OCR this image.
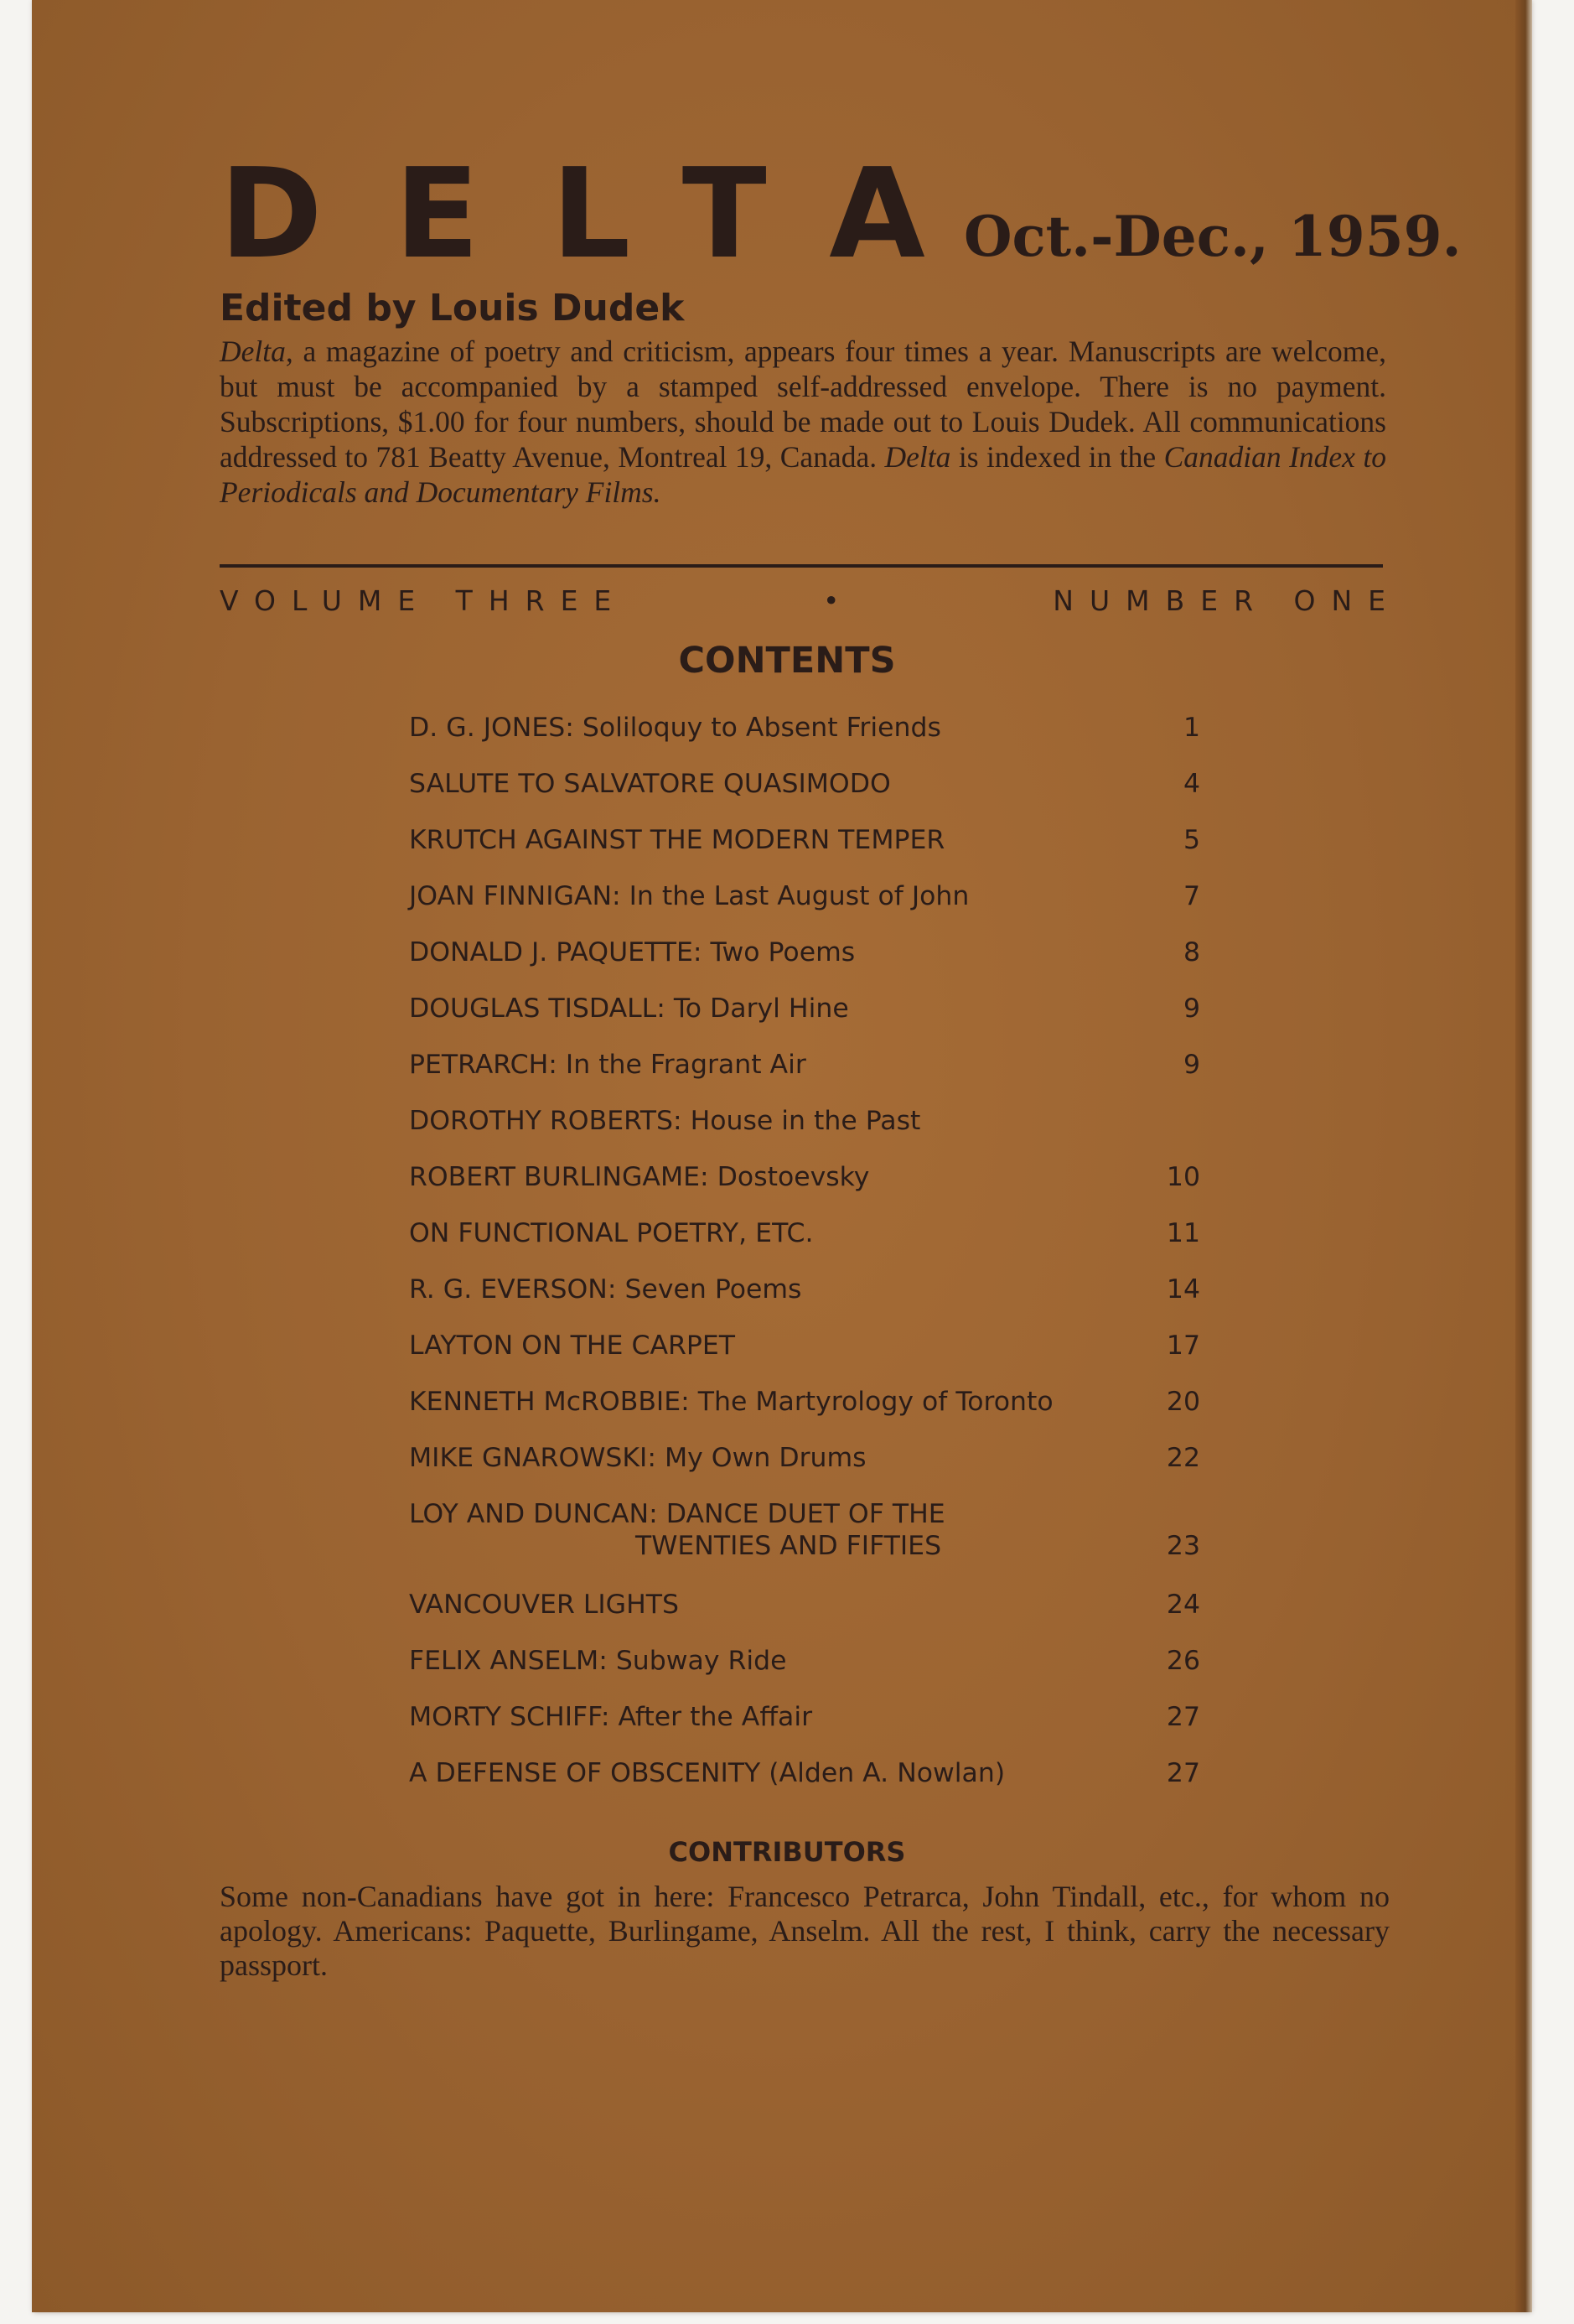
DELTA
Oct.-Dec., 1959.
Edited by Louis Dudek
Delta, a magazine of poetry and criticism, appears four times a year. Manuscripts are welcome, but must be accompanied by a stamped self-addressed envelope. There is no payment. Subscriptions, $1.00 for four numbers, should be made out to Louis Dudek. All communications addressed to 781 Beatty Avenue, Montreal 19, Canada. Delta is indexed in the Canadian Index to Periodicals and Documentary Films.
VOLUME THREE	•	NUMBER ONE
CONTENTS
D. G. JONES: Soliloquy to Absent Friends	1
SALUTE TO SALVATORE QUASIMODO	4
KRUTCH AGAINST THE MODERN TEMPER	5
JOAN FINNIGAN: In the Last August of John	7
DONALD J. PAQUETTE: Two Poems	8
DOUGLAS TISDALL: To Daryl Hine	9
PETRARCH: In the Fragrant Air	9
DOROTHY ROBERTS: House in the Past
ROBERT BURLINGAME: Dostoevsky	10
ON FUNCTIONAL POETRY, ETC.	11
R. G. EVERSON: Seven Poems	14
LAYTON ON THE CARPET	17
KENNETH McROBBIE: The Martyrology of Toronto	20
MIKE GNAROWSKI: My Own Drums	22
LOY AND DUNCAN: DANCE DUET OF THE
TWENTIES AND FIFTIES	23
VANCOUVER LIGHTS	24
FELIX ANSELM: Subway Ride	26
MORTY SCHIFF: After the Affair	27
A DEFENSE OF OBSCENITY (Alden A. Nowlan)	27
CONTRIBUTORS
Some non-Canadians have got in here: Francesco Petrarca, John Tindall, etc., for whom no apology. Americans: Paquette, Burlingame, Anselm. All the rest, I think, carry the necessary passport.
